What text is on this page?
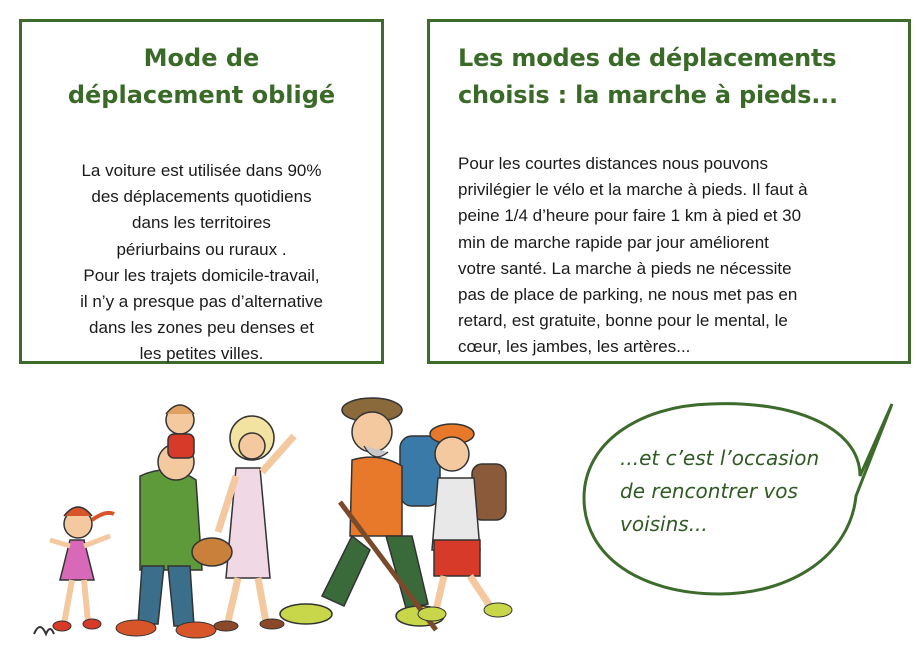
Mode de
déplacement obligé

La voiture est utilisée dans 90%
des déplacements quotidiens
dans les territoires
périurbains ou ruraux .
Pour les trajets domicile-travail,
il n’y a presque pas d’alternative
dans les zones peu denses et
les petites villes.

Les modes de déplacements
choisis : la marche à pieds...

Pour les courtes distances nous pouvons
privilégier le vélo et la marche à pieds. Il faut à
peine 1/4 d’heure pour faire 1 km à pied et 30
min de marche rapide par jour améliorent
votre santé. La marche à pieds ne nécessite
pas de place de parking, ne nous met pas en
retard, est gratuite, bonne pour le mental, le
cœur, les jambes, les artères...

...et c’est l’occasion
de rencontrer vos
voisins...
